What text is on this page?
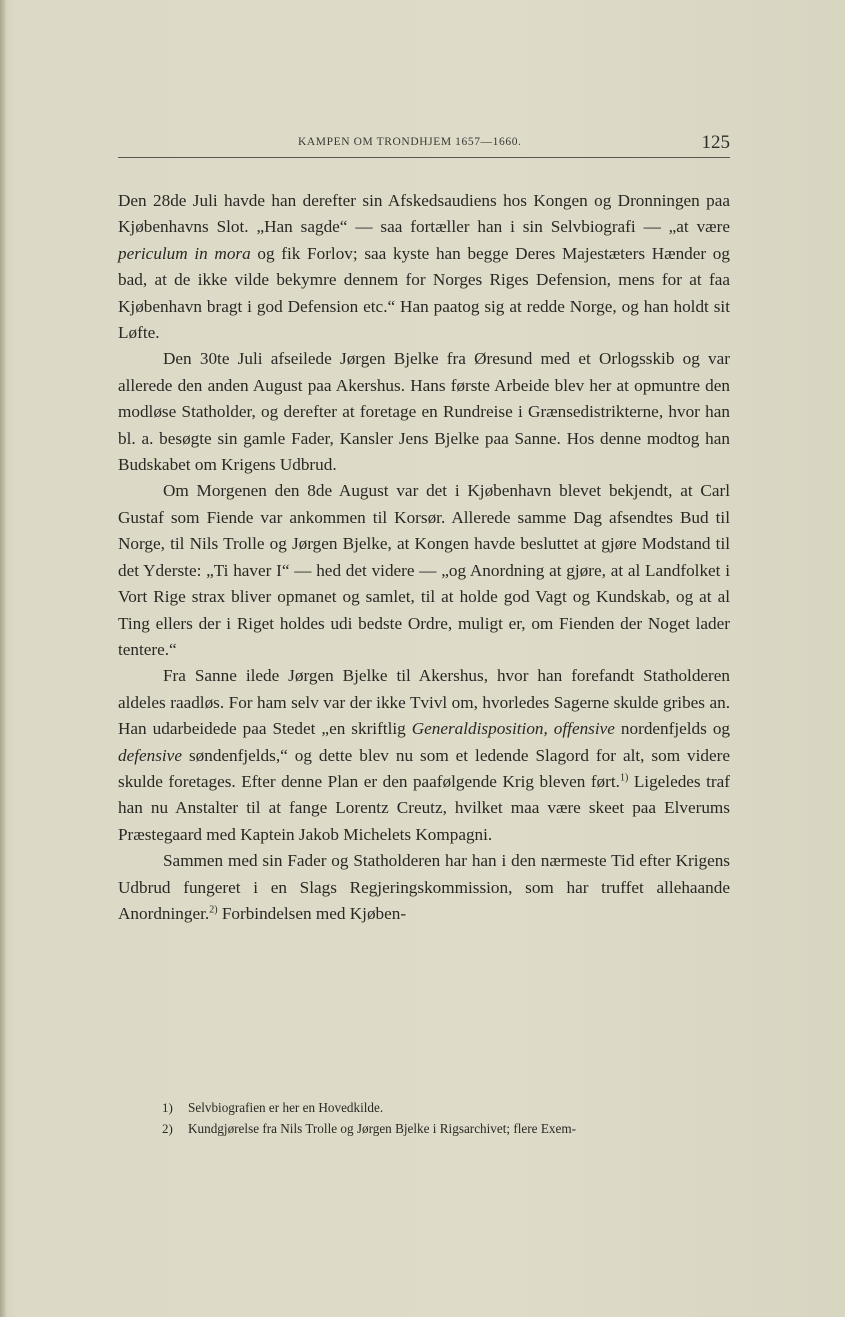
KAMPEN OM TRONDHJEM 1657—1660.	125

Den 28de Juli havde han derefter sin Afskedsaudiens hos Kongen og Dronningen paa Kjøbenhavns Slot. „Han sagde“ — saa fortæller han i sin Selvbiografi — „at være periculum in mora og fik Forlov; saa kyste han begge Deres Majestæters Hænder og bad, at de ikke vilde bekymre dennem for Norges Riges Defension, mens for at faa Kjøbenhavn bragt i god Defension etc.“ Han paatog sig at redde Norge, og han holdt sit Løfte.

Den 30te Juli afseilede Jørgen Bjelke fra Øresund med et Orlogsskib og var allerede den anden August paa Akershus. Hans første Arbeide blev her at opmuntre den modløse Statholder, og derefter at foretage en Rundreise i Grænsedistrikterne, hvor han bl. a. besøgte sin gamle Fader, Kansler Jens Bjelke paa Sanne. Hos denne modtog han Budskabet om Krigens Udbrud.

Om Morgenen den 8de August var det i Kjøbenhavn blevet bekjendt, at Carl Gustaf som Fiende var ankommen til Korsør. Allerede samme Dag afsendtes Bud til Norge, til Nils Trolle og Jørgen Bjelke, at Kongen havde besluttet at gjøre Modstand til det Yderste: „Ti haver I“ — hed det videre — „og Anordning at gjøre, at al Landfolket i Vort Rige strax bliver opmanet og samlet, til at holde god Vagt og Kundskab, og at al Ting ellers der i Riget holdes udi bedste Ordre, muligt er, om Fienden der Noget lader tentere.“

Fra Sanne ilede Jørgen Bjelke til Akershus, hvor han forefandt Statholderen aldeles raadløs. For ham selv var der ikke Tvivl om, hvorledes Sagerne skulde gribes an. Han udarbeidede paa Stedet „en skriftlig Generaldisposition, offensive nordenfjelds og defensive søndenfjelds,“ og dette blev nu som et ledende Slagord for alt, som videre skulde foretages. Efter denne Plan er den paafølgende Krig bleven ført.$^{1)}$ Ligeledes traf han nu Anstalter til at fange Lorentz Creutz, hvilket maa være skeet paa Elverums Præstegaard med Kaptein Jakob Michelets Kompagni.

Sammen med sin Fader og Statholderen har han i den nærmeste Tid efter Krigens Udbrud fungeret i en Slags Regjeringskommission, som har truffet allehaande Anordninger.$^{2)}$ Forbindelsen med Kjøben-

1) Selvbiografien er her en Hovedkilde.

2) Kundgjørelse fra Nils Trolle og Jørgen Bjelke i Rigsarchivet; flere Exem-
